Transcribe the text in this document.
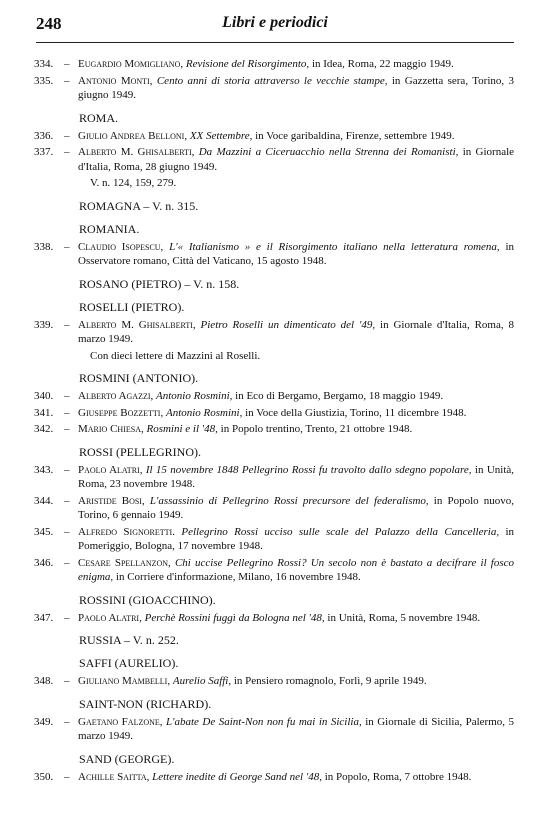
248	Libri e periodici
334. – Eugardio Momigliano, Revisione del Risorgimento, in Idea, Roma, 22 maggio 1949.
335. – Antonio Monti, Cento anni di storia attraverso le vecchie stampe, in Gazzetta sera, Torino, 3 giugno 1949.
ROMA.
336. – Giulio Andrea Belloni, XX Settembre, in Voce garibaldina, Firenze, settembre 1949.
337. – Alberto M. Ghisalberti, Da Mazzini a Ciceruacchio nella Strenna dei Romanisti, in Giornale d'Italia, Roma, 28 giugno 1949.
V. n. 124, 159, 279.
ROMAGNA – V. n. 315.
ROMANIA.
338. – Claudio Isopescu, L'« Italianismo » e il Risorgimento italiano nella letteratura romena, in Osservatore romano, Città del Vaticano, 15 agosto 1948.
ROSANO (PIETRO) – V. n. 158.
ROSELLI (PIETRO).
339. – Alberto M. Ghisalberti, Pietro Roselli un dimenticato del '49, in Giornale d'Italia, Roma, 8 marzo 1949.
Con dieci lettere di Mazzini al Roselli.
ROSMINI (ANTONIO).
340. – Alberto Agazzi, Antonio Rosmini, in Eco di Bergamo, Bergamo, 18 maggio 1949.
341. – Giuseppe Bozzetti, Antonio Rosmini, in Voce della Giustizia, Torino, 11 dicembre 1948.
342. – Mario Chiesa, Rosmini e il '48, in Popolo trentino, Trento, 21 ottobre 1948.
ROSSI (PELLEGRINO).
343. – Paolo Alatri, Il 15 novembre 1848 Pellegrino Rossi fu travolto dallo sdegno popolare, in Unità, Roma, 23 novembre 1948.
344. – Aristide Bosi, L'assassinio di Pellegrino Rossi precursore del federalismo, in Popolo nuovo, Torino, 6 gennaio 1949.
345. – Alfredo Signoretti. Pellegrino Rossi ucciso sulle scale del Palazzo della Cancelleria, in Pomeriggio, Bologna, 17 novembre 1948.
346. – Cesare Spellanzon, Chi uccise Pellegrino Rossi? Un secolo non è bastato a decifrare il fosco enigma, in Corriere d'informazione, Milano, 16 novembre 1948.
ROSSINI (GIOACCHINO).
347. – Paolo Alatri, Perchè Rossini fuggì da Bologna nel '48, in Unità, Roma, 5 novembre 1948.
RUSSIA – V. n. 252.
SAFFI (AURELIO).
348. – Giuliano Mambelli, Aurelio Saffi, in Pensiero romagnolo, Forlì, 9 aprile 1949.
SAINT-NON (RICHARD).
349. – Gaetano Falzone, L'abate De Saint-Non non fu mai in Sicilia, in Giornale di Sicilia, Palermo, 5 marzo 1949.
SAND (GEORGE).
350. – Achille Saitta, Lettere inedite di George Sand nel '48, in Popolo, Roma, 7 ottobre 1948.
